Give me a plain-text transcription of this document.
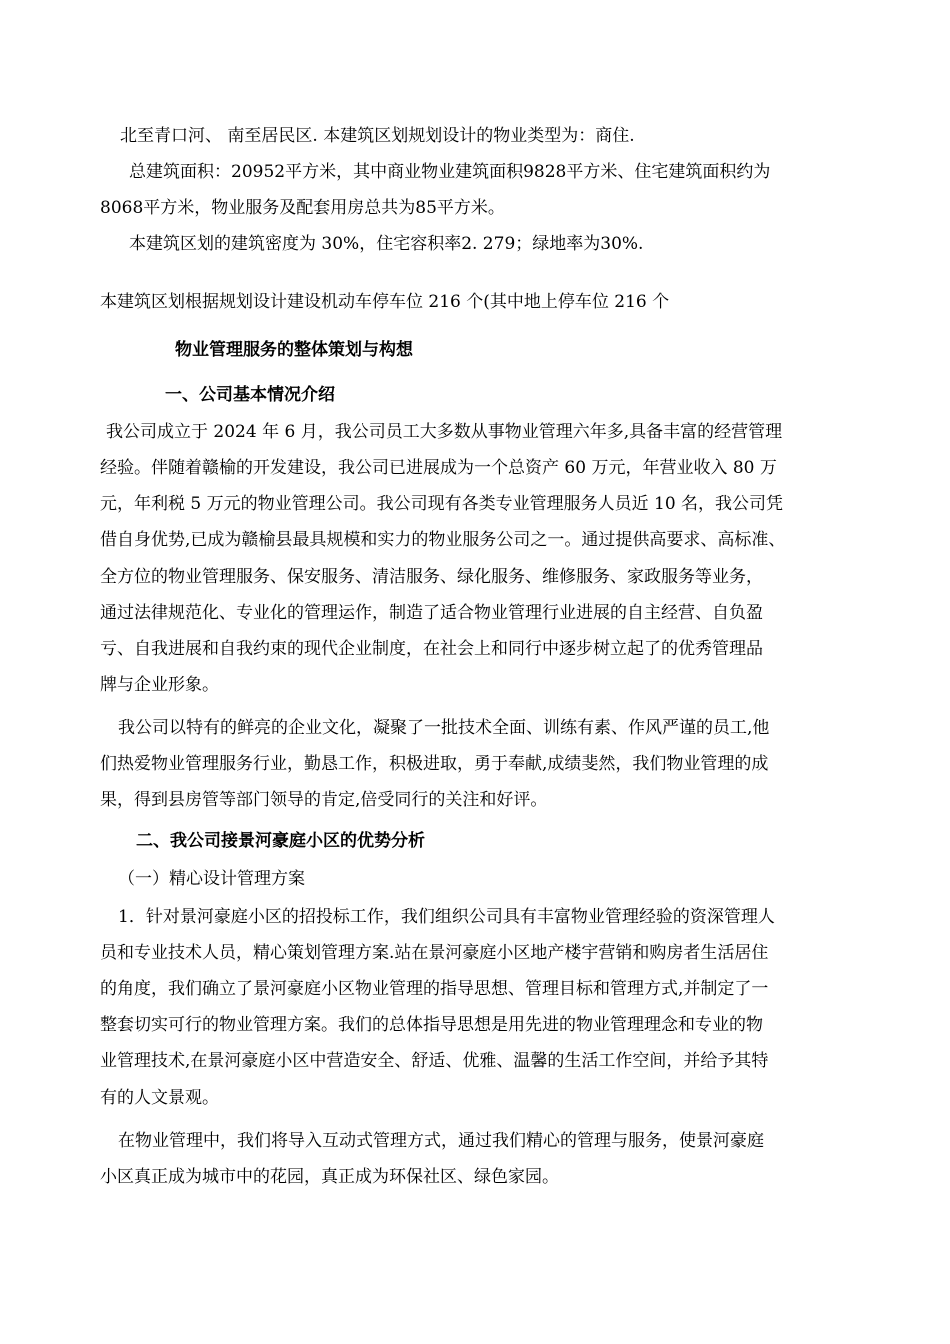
北至青口河、 南至居民区. 本建筑区划规划设计的物业类型为：商住.
总建筑面积：20952平方米，其中商业物业建筑面积9828平方米、住宅建筑面积约为
8068平方米，物业服务及配套用房总共为85平方米。
本建筑区划的建筑密度为 30%，住宅容积率2. 279；绿地率为30%.
本建筑区划根据规划设计建设机动车停车位 216 个(其中地上停车位 216 个
物业管理服务的整体策划与构想
一、公司基本情况介绍
我公司成立于 2024 年 6 月，我公司员工大多数从事物业管理六年多,具备丰富的经营管理
经验。伴随着赣榆的开发建设，我公司已进展成为一个总资产 60 万元，年营业收入 80 万
元，年利税 5 万元的物业管理公司。我公司现有各类专业管理服务人员近 10 名，我公司凭
借自身优势,已成为赣榆县最具规模和实力的物业服务公司之一。通过提供高要求、高标准、
全方位的物业管理服务、保安服务、清洁服务、绿化服务、维修服务、家政服务等业务，
通过法律规范化、专业化的管理运作，制造了适合物业管理行业进展的自主经营、自负盈
亏、自我进展和自我约束的现代企业制度，在社会上和同行中逐步树立起了的优秀管理品
牌与企业形象。
我公司以特有的鲜亮的企业文化，凝聚了一批技术全面、训练有素、作风严谨的员工,他
们热爱物业管理服务行业，勤恳工作，积极进取，勇于奉献,成绩斐然，我们物业管理的成
果，得到县房管等部门领导的肯定,倍受同行的关注和好评。
二、我公司接景河豪庭小区的优势分析
（一）精心设计管理方案
1．针对景河豪庭小区的招投标工作，我们组织公司具有丰富物业管理经验的资深管理人
员和专业技术人员，精心策划管理方案.站在景河豪庭小区地产楼宇营销和购房者生活居住
的角度，我们确立了景河豪庭小区物业管理的指导思想、管理目标和管理方式,并制定了一
整套切实可行的物业管理方案。我们的总体指导思想是用先进的物业管理理念和专业的物
业管理技术,在景河豪庭小区中营造安全、舒适、优雅、温馨的生活工作空间，并给予其特
有的人文景观。
在物业管理中，我们将导入互动式管理方式，通过我们精心的管理与服务，使景河豪庭
小区真正成为城市中的花园，真正成为环保社区、绿色家园。
